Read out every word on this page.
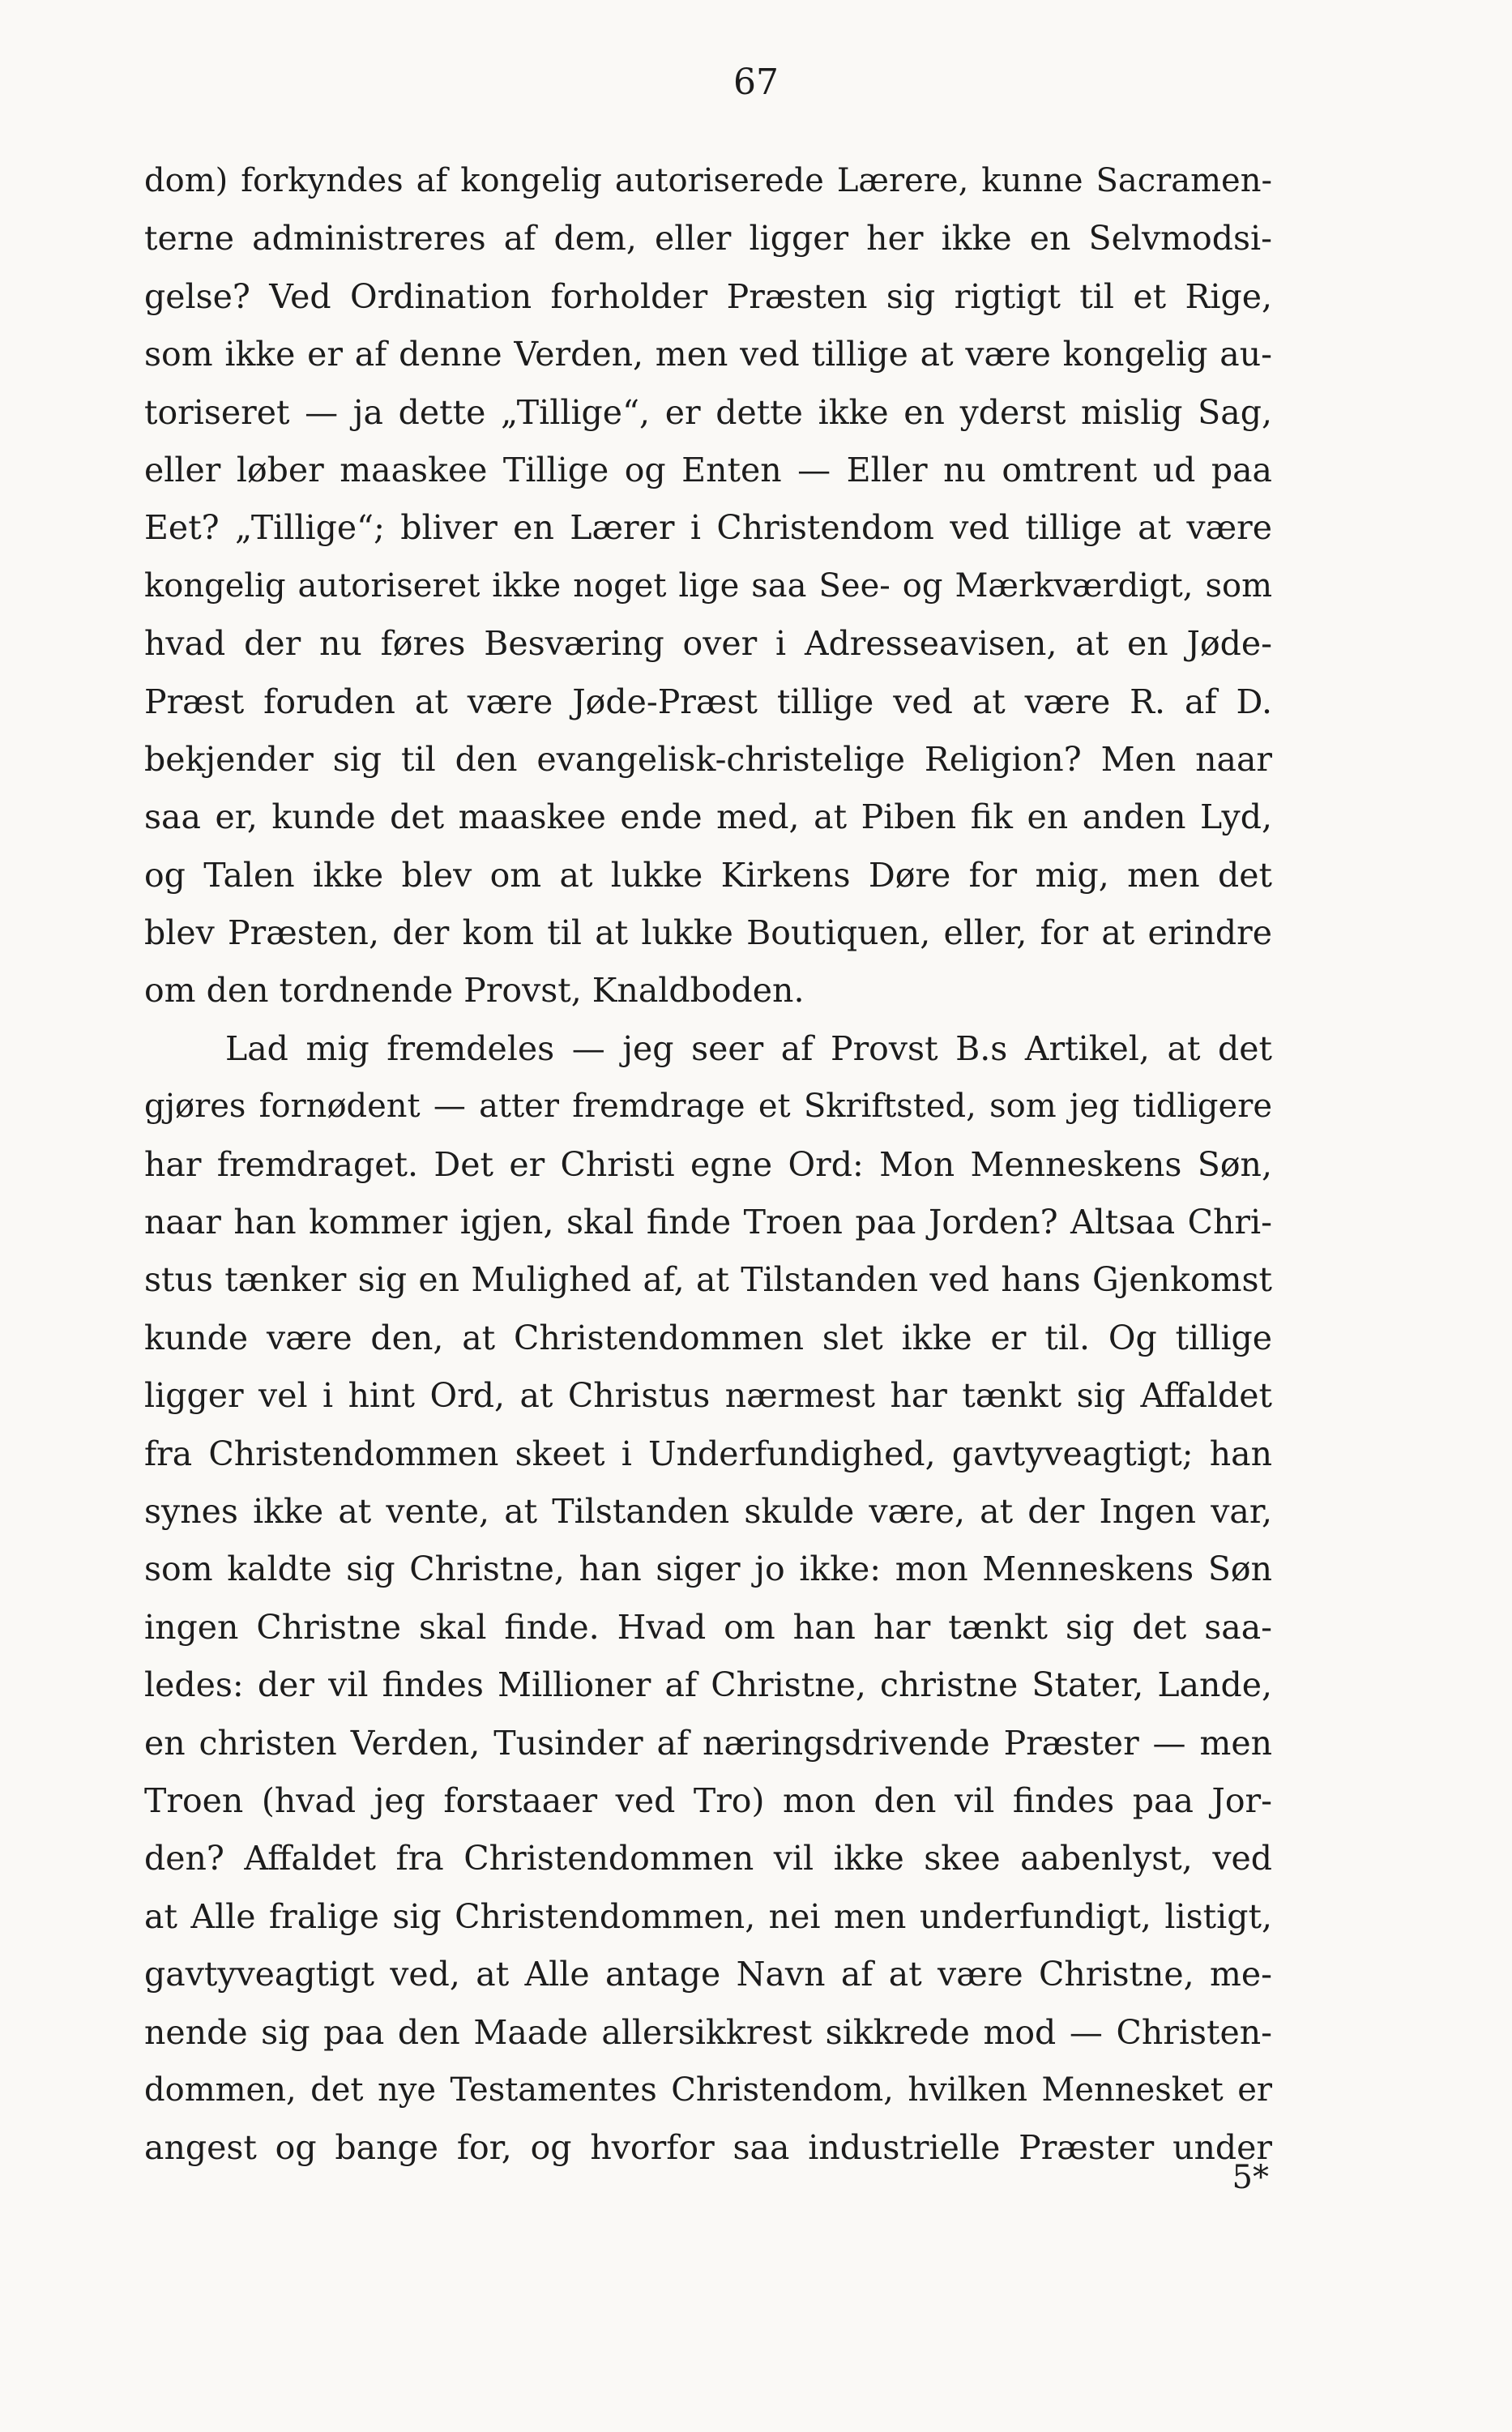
67
dom) forkyndes af kongelig autoriserede Lærere, kunne Sacramen-
terne administreres af dem, eller ligger her ikke en Selvmodsi-
gelse? Ved Ordination forholder Præsten sig rigtigt til et Rige,
som ikke er af denne Verden, men ved tillige at være kongelig au-
toriseret — ja dette „Tillige“, er dette ikke en yderst mislig Sag,
eller løber maaskee Tillige og Enten — Eller nu omtrent ud paa
Eet? „Tillige“; bliver en Lærer i Christendom ved tillige at være
kongelig autoriseret ikke noget lige saa See- og Mærkværdigt, som
hvad der nu føres Besværing over i Adresseavisen, at en Jøde-
Præst foruden at være Jøde-Præst tillige ved at være R. af D.
bekjender sig til den evangelisk-christelige Religion? Men naar
saa er, kunde det maaskee ende med, at Piben fik en anden Lyd,
og Talen ikke blev om at lukke Kirkens Døre for mig, men det
blev Præsten, der kom til at lukke Boutiquen, eller, for at erindre
om den tordnende Provst, Knaldboden.
Lad mig fremdeles — jeg seer af Provst B.s Artikel, at det
gjøres fornødent — atter fremdrage et Skriftsted, som jeg tidligere
har fremdraget. Det er Christi egne Ord: Mon Menneskens Søn,
naar han kommer igjen, skal finde Troen paa Jorden? Altsaa Chri-
stus tænker sig en Mulighed af, at Tilstanden ved hans Gjenkomst
kunde være den, at Christendommen slet ikke er til. Og tillige
ligger vel i hint Ord, at Christus nærmest har tænkt sig Affaldet
fra Christendommen skeet i Underfundighed, gavtyveagtigt; han
synes ikke at vente, at Tilstanden skulde være, at der Ingen var,
som kaldte sig Christne, han siger jo ikke: mon Menneskens Søn
ingen Christne skal finde. Hvad om han har tænkt sig det saa-
ledes: der vil findes Millioner af Christne, christne Stater, Lande,
en christen Verden, Tusinder af næringsdrivende Præster — men
Troen (hvad jeg forstaaer ved Tro) mon den vil findes paa Jor-
den? Affaldet fra Christendommen vil ikke skee aabenlyst, ved
at Alle fralige sig Christendommen, nei men underfundigt, listigt,
gavtyveagtigt ved, at Alle antage Navn af at være Christne, me-
nende sig paa den Maade allersikkrest sikkrede mod — Christen-
dommen, det nye Testamentes Christendom, hvilken Mennesket er
angest og bange for, og hvorfor saa industrielle Præster under
5*
